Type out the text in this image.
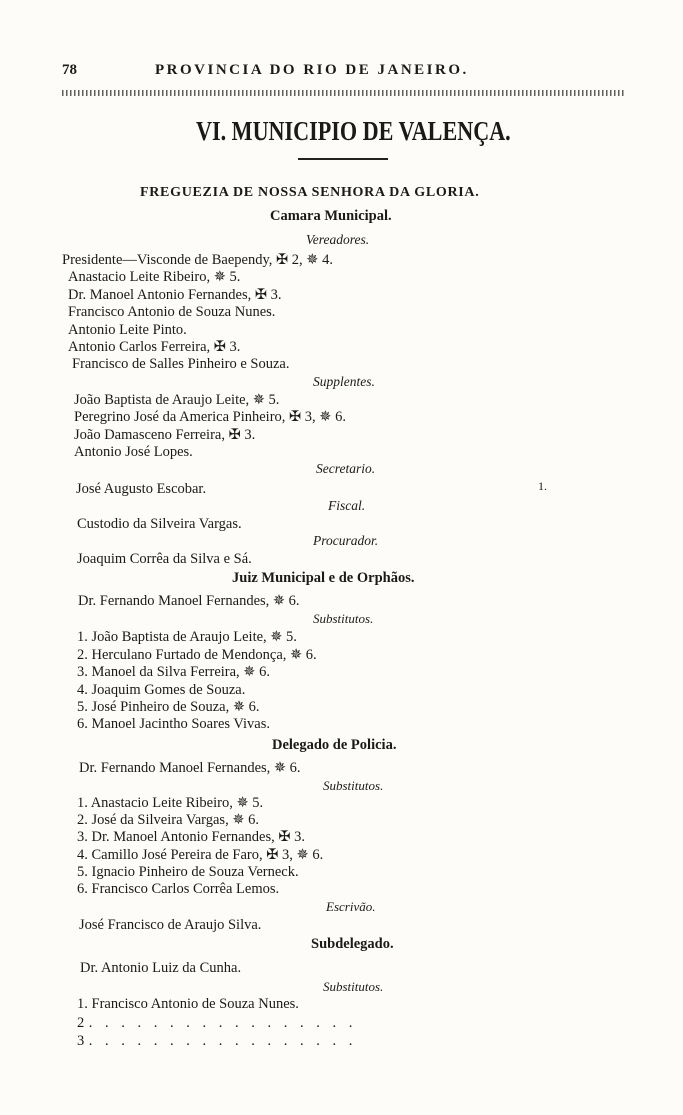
78	PROVINCIA DO RIO DE JANEIRO.
VI. MUNICIPIO DE VALENÇA.
FREGUEZIA DE NOSSA SENHORA DA GLORIA.
Camara Municipal.
Vereadores.
Presidente—Visconde de Baependy, ✠ 2, ✵ 4.
Anastacio Leite Ribeiro, ✵ 5.
Dr. Manoel Antonio Fernandes, ✠ 3.
Francisco Antonio de Souza Nunes.
Antonio Leite Pinto.
Antonio Carlos Ferreira, ✠ 3.
Francisco de Salles Pinheiro e Souza.
Supplentes.
João Baptista de Araujo Leite, ✵ 5.
Peregrino José da America Pinheiro, ✠ 3, ✵ 6.
João Damasceno Ferreira, ✠ 3.
Antonio José Lopes.
Secretario.
José Augusto Escobar.	1.
Fiscal.
Custodio da Silveira Vargas.
Procurador.
Joaquim Corrêa da Silva e Sá.
Juiz Municipal e de Orphãos.
Dr. Fernando Manoel Fernandes, ✵ 6.
Substitutos.
1. João Baptista de Araujo Leite, ✵ 5.
2. Herculano Furtado de Mendonça, ✵ 6.
3. Manoel da Silva Ferreira, ✵ 6.
4. Joaquim Gomes de Souza.
5. José Pinheiro de Souza, ✵ 6.
6. Manoel Jacintho Soares Vivas.
Delegado de Policia.
Dr. Fernando Manoel Fernandes, ✵ 6.
Substitutos.
1. Anastacio Leite Ribeiro, ✵ 5.
2. José da Silveira Vargas, ✵ 6.
3. Dr. Manoel Antonio Fernandes, ✠ 3.
4. Camillo José Pereira de Faro, ✠ 3, ✵ 6.
5. Ignacio Pinheiro de Souza Verneck.
6. Francisco Carlos Corrêa Lemos.
Escrivão.
José Francisco de Araujo Silva.
Subdelegado.
Dr. Antonio Luiz da Cunha.
Substitutos.
1. Francisco Antonio de Souza Nunes.
2. . . . . . . . . . . . . . . . .
3. . . . . . . . . . . . . . . . .
